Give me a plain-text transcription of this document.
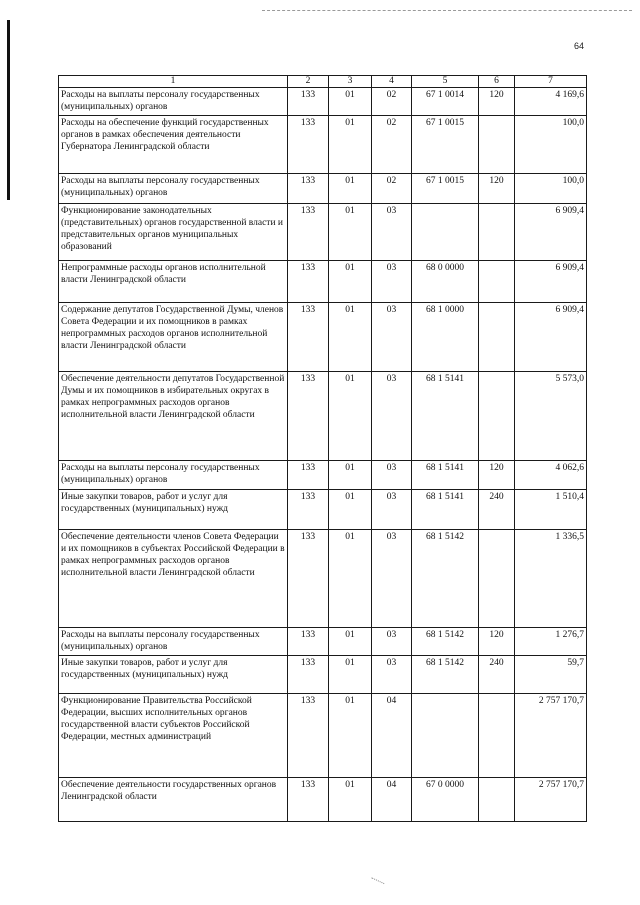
64
1	2	3	4	5	6	7
Расходы на выплаты персоналу государственных (муниципальных) органов	133	01	02	67 1 0014	120	4 169,6
Расходы на обеспечение функций государственных органов в рамках обеспечения деятельности Губернатора Ленинградской области	133	01	02	67 1 0015		100,0
Расходы на выплаты персоналу государственных (муниципальных) органов	133	01	02	67 1 0015	120	100,0
Функционирование законодательных (представительных) органов государственной власти и представительных органов муниципальных образований	133	01	03			6 909,4
Непрограммные расходы органов исполнительной власти Ленинградской области	133	01	03	68 0 0000		6 909,4
Содержание депутатов Государственной Думы, членов Совета Федерации и их помощников в рамках непрограммных расходов органов исполнительной власти Ленинградской области	133	01	03	68 1 0000		6 909,4
Обеспечение деятельности депутатов Государственной Думы и их помощников в избирательных округах в рамках непрограммных расходов органов исполнительной власти Ленинградской области	133	01	03	68 1 5141		5 573,0
Расходы на выплаты персоналу государственных (муниципальных) органов	133	01	03	68 1 5141	120	4 062,6
Иные закупки товаров, работ и услуг для государственных (муниципальных) нужд	133	01	03	68 1 5141	240	1 510,4
Обеспечение деятельности членов Совета Федерации и их помощников в субъектах Российской Федерации в рамках непрограммных расходов органов исполнительной власти Ленинградской области	133	01	03	68 1 5142		1 336,5
Расходы на выплаты персоналу государственных (муниципальных) органов	133	01	03	68 1 5142	120	1 276,7
Иные закупки товаров, работ и услуг для государственных (муниципальных) нужд	133	01	03	68 1 5142	240	59,7
Функционирование Правительства Российской Федерации, высших исполнительных органов государственной власти субъектов Российской Федерации, местных администраций	133	01	04			2 757 170,7
Обеспечение деятельности государственных органов Ленинградской области	133	01	04	67 0 0000		2 757 170,7
